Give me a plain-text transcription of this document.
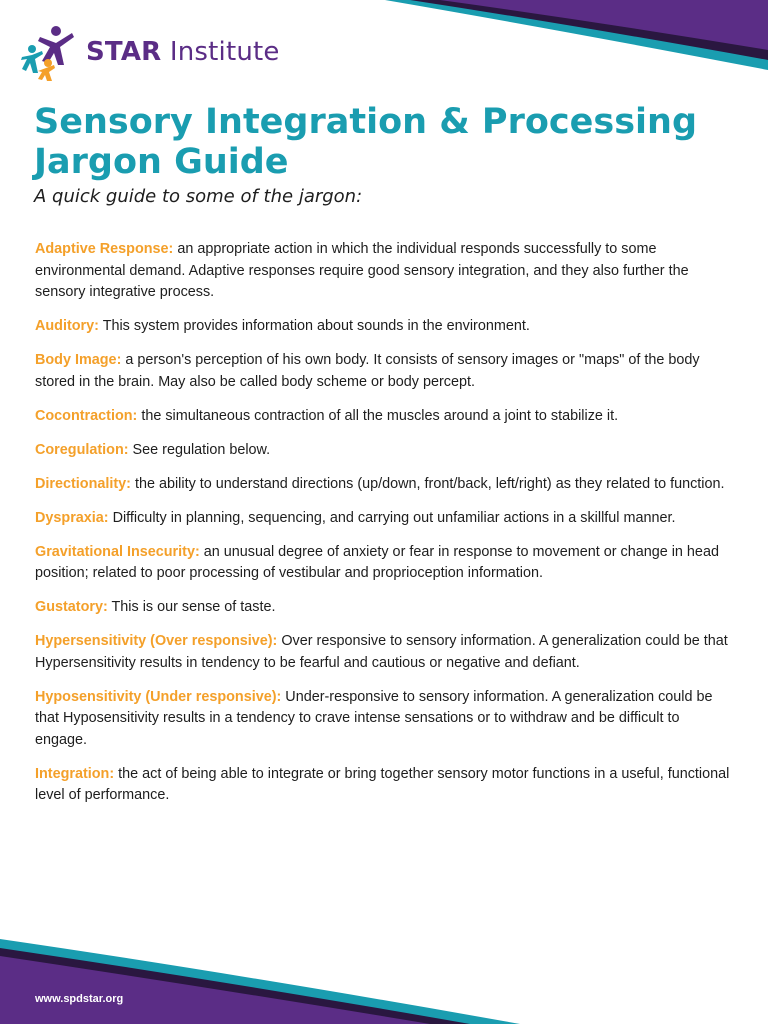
STAR Institute
Sensory Integration & Processing Jargon Guide

A quick guide to some of the jargon:

Adaptive Response: an appropriate action in which the individual responds successfully to some environmental demand. Adaptive responses require good sensory integration, and they also further the sensory integrative process.

Auditory: This system provides information about sounds in the environment.

Body Image: a person's perception of his own body. It consists of sensory images or "maps" of the body stored in the brain. May also be called body scheme or body percept.

Cocontraction: the simultaneous contraction of all the muscles around a joint to stabilize it.

Coregulation: See regulation below.

Directionality: the ability to understand directions (up/down, front/back, left/right) as they related to function.

Dyspraxia: Difficulty in planning, sequencing, and carrying out unfamiliar actions in a skillful manner.

Gravitational Insecurity: an unusual degree of anxiety or fear in response to movement or change in head position; related to poor processing of vestibular and proprioception information.

Gustatory: This is our sense of taste.

Hypersensitivity (Over responsive): Over responsive to sensory information. A generalization could be that Hypersensitivity results in tendency to be fearful and cautious or negative and defiant.

Hyposensitivity (Under responsive): Under-responsive to sensory information. A generalization could be that Hyposensitivity results in a tendency to crave intense sensations or to withdraw and be difficult to engage.

Integration: the act of being able to integrate or bring together sensory motor functions in a useful, functional level of performance.

www.spdstar.org
